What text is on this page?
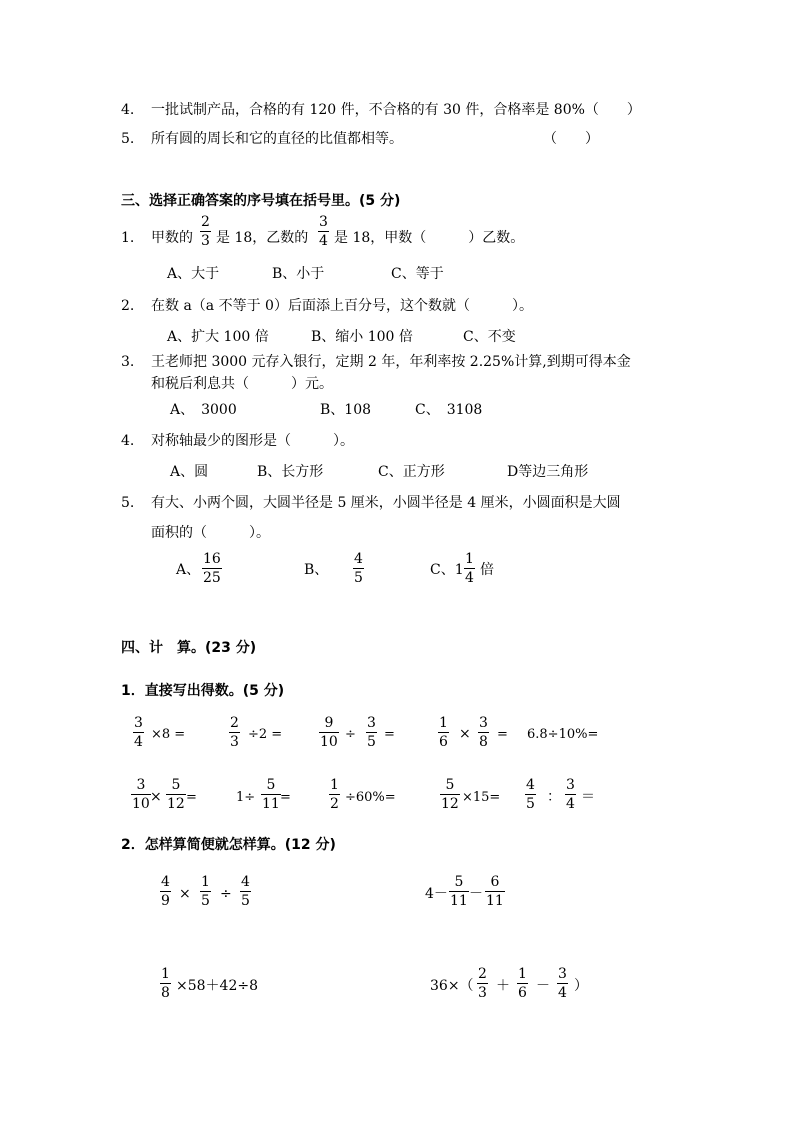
4. 一批试制产品，合格的有 120 件，不合格的有 30 件，合格率是 80%（　　）
5. 所有圆的周长和它的直径的比值都相等。	（　　）
三、选择正确答案的序号填在括号里。(5 分)
1. 甲数的
2
3 是 18，乙数的
3
4 是 18，甲数（　　　）乙数。
A、大于	B、小于	C、等于
2. 在数 a（a 不等于 0）后面添上百分号，这个数就（　　　）。
A、扩大 100 倍	B、缩小 100 倍	C、不变
3. 王老师把 3000 元存入银行，定期 2 年，年利率按 2.25%计算,到期可得本金
和税后利息共（　　　）元。
A、　3000	B、108	C、　3108
4. 对称轴最少的图形是（　　　）。
A、圆	B、长方形	C、正方形	D等边三角形
5. 有大、小两个圆，大圆半径是 5 厘米，小圆半径是 4 厘米，小圆面积是大圆
面积的（　　　）。
A、
16
25	B、
4
5	C、1
1
4 倍
四、计　算。(23 分)
1．直接写出得数。(5 分)
3
4 ×8 =
2
3 ÷2 =
9
10 ÷
3
5 =
1
6 ×
3
8 = 6.8÷10%=
3
10 ×
5
12 =	1÷
5
11 =
1
2 ÷60%=
5
12 ×15=
4
5 ：
3
4 ＝
2．怎样算简便就怎样算。(12 分)
4
9 ×
1
5 ÷
4
5	4－
5
11 －
6
11
1
8 ×58＋42÷8	36×（
2
3 ＋
1
6 －
3
4 ）
